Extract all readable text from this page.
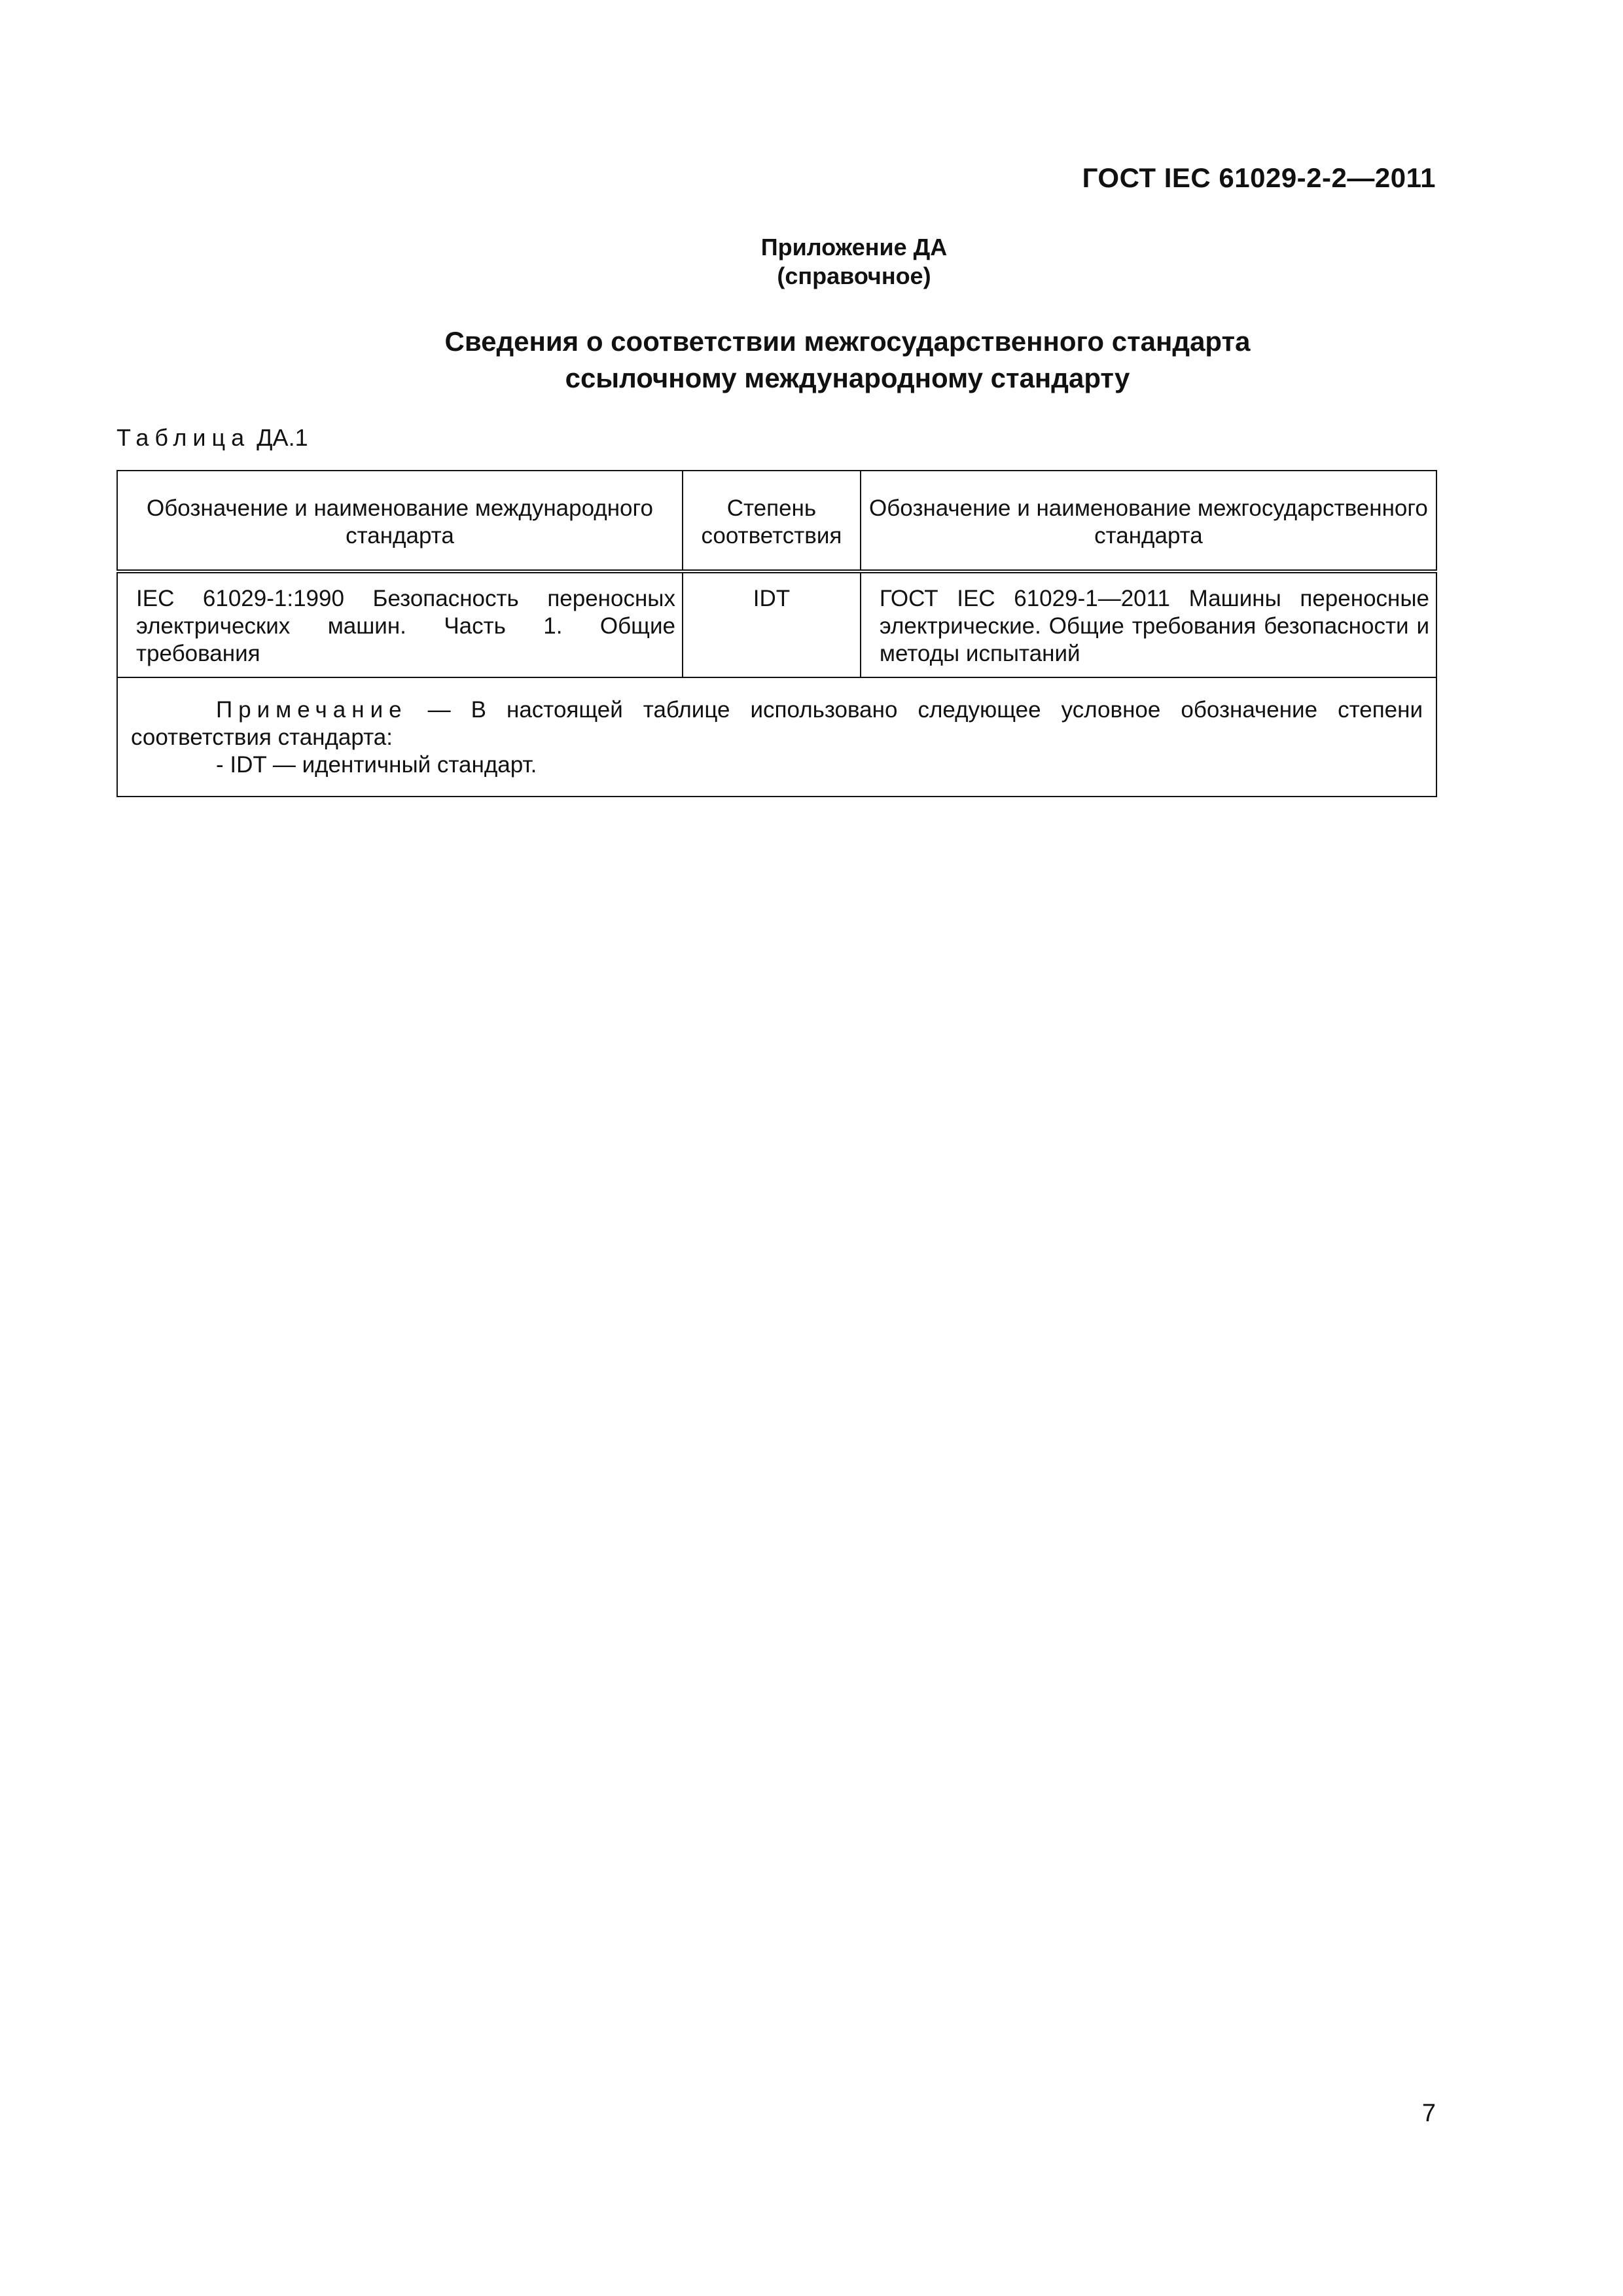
ГОСТ IEC 61029-2-2—2011
Приложение ДА
(справочное)
Сведения о соответствии межгосударственного стандарта
ссылочному международному стандарту
Таблица ДА.1
Обозначение и наименование международного стандарта	Степень соответствия	Обозначение и наименование межгосударственного стандарта
IEC 61029-1:1990 Безопасность переносных электрических машин. Часть 1. Общие требования	IDT	ГОСТ IEC 61029-1—2011 Машины переносные электрические. Общие требования безопасности и методы испытаний

Примечание — В настоящей таблице использовано следующее условное обозначение степени соответствия стандарта:
- IDT — идентичный стандарт.		
7
